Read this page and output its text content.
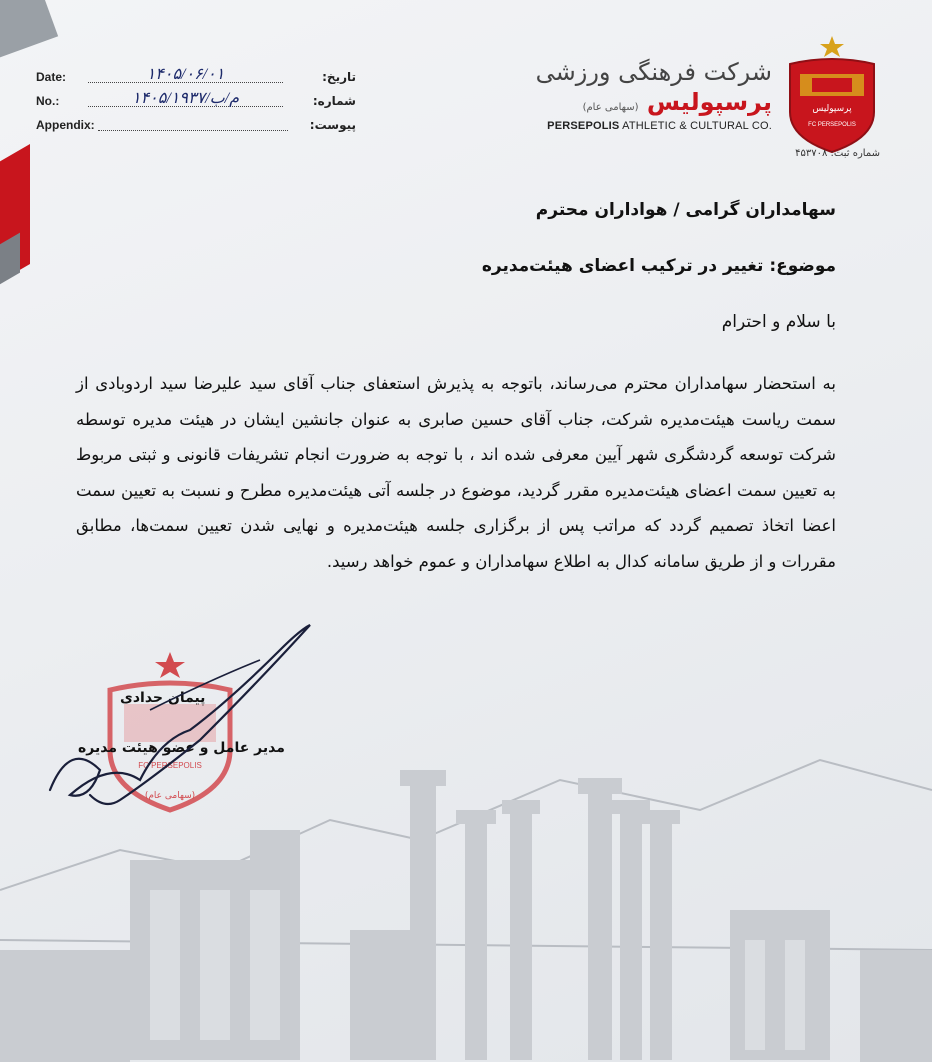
Date:	۱۴۰۵/۰۶/۰۱	تاریخ:
No.:	۱۴۰۵/م/ب/۱۹۳۷	شماره:
Appendix:	پیوست:
شرکت فرهنگی ورزشی
پرسپولیس (سهامی عام)
PERSEPOLIS ATHLETIC & CULTURAL CO.
پرسپولیس
FC PERSEPOLIS
شماره ثبت: ۴۵۳۷۰۸
سهامداران گرامی / هواداران محترم
موضوع: تغییر در ترکیب اعضای هیئت‌مدیره
با سلام و احترام
به استحضار سهامداران محترم می‌رساند، باتوجه به پذیرش استعفای جناب آقای سید علیرضا سید اردوبادی از سمت ریاست هیئت‌مدیره شرکت، جناب آقای حسین صابری به عنوان جانشین ایشان در هیئت مدیره توسطه شرکت توسعه گردشگری شهر آیین معرفی شده اند ، با توجه به ضرورت انجام تشریفات قانونی و ثبتی مربوط به تعیین سمت اعضای هیئت‌مدیره مقرر گردید، موضوع در جلسه آتی هیئت‌مدیره مطرح و نسبت به تعیین سمت اعضا اتخاذ تصمیم گردد که مراتب پس از برگزاری جلسه هیئت‌مدیره و نهایی شدن تعیین سمت‌ها، مطابق مقررات و از طریق سامانه کدال به اطلاع سهامداران و عموم خواهد رسید.
FC PERSEPOLIS
(سهامی عام)
پیمان حدادی
مدیر عامل و عضو هیئت مدیره
